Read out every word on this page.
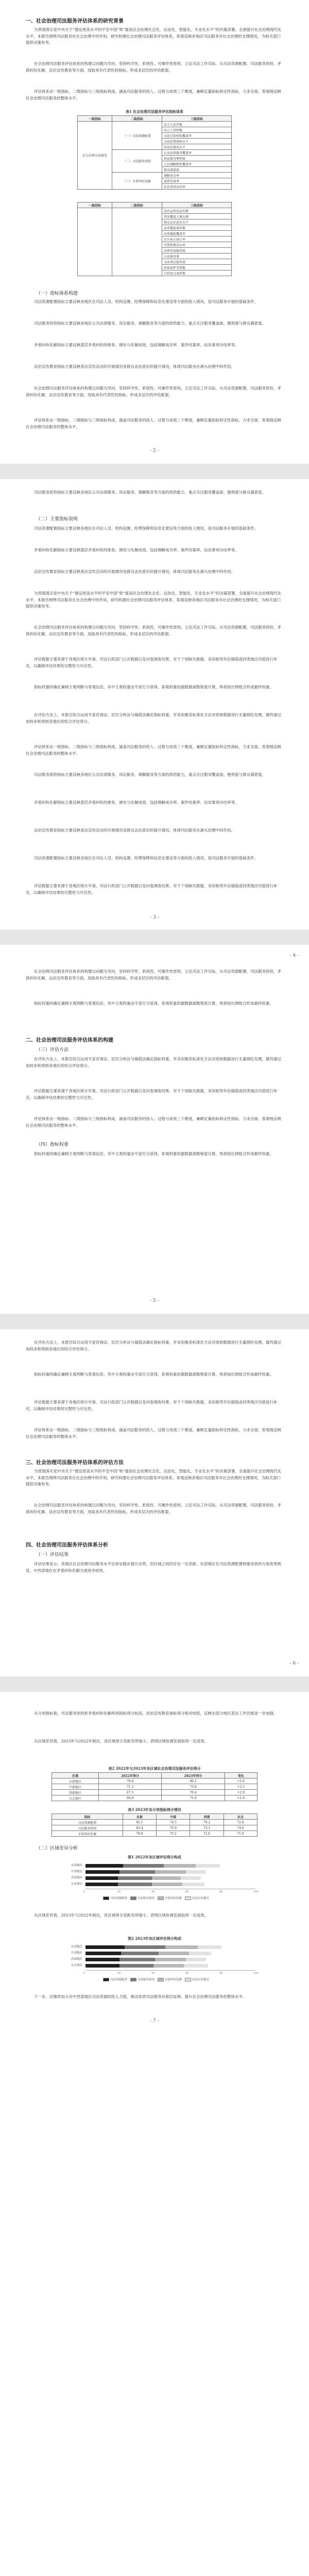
一、社会治理司法服务评估体系的研究背景
为贯彻落实党中央关于“建设更高水平的平安中国”和“提高社会治理社会化、法治化、智能化、专业化水平”的决策部署，全面提升社会治理现代化水平，本报告围绕司法服务在社会治理中的作用，研究构建社会治理司法服务评估体系，客观反映各地区司法服务对社会治理的支撑情况，为相关部门提供决策参考。
社会治理司法服务评估体系的构建以问题为导向，坚持科学性、系统性、可操作性原则，立足司法工作实际，从司法资源配置、司法服务供给、矛盾纠纷化解、法治宣传教育等方面，选取具有代表性的指标，形成多层次的评估框架。
评估体系由一级指标、二级指标与三级指标构成，涵盖司法服务的投入、过程与成效三个维度，兼顾定量指标和定性指标，力求全面、客观地反映社会治理司法服务的整体水平。
表1 社会治理司法服务评估指标体系
一级指标	二级指标	三级指标
社会治理司法服务	（一）司法资源配置	每万人法官数
		每万人律师数
		司法行政机构覆盖率
		司法经费保障水平
		信息化建设水平
	（二）司法服务供给	公共法律服务覆盖率
		诉讼服务便利度
		人民调解组织覆盖率
		群众满意度
	（三）矛盾纠纷化解	调解成功率
		案件结案率
		信访事项办结率
一级指标	二级指标	三级指标
		法治宣传活动次数
		普法覆盖人群比例
		群众法治意识水平
		法律援助案件数
		法律援助覆盖率
		社区矫正执行率
		安置帮教成功率
		法律咨询服务量
		公证服务量
		司法鉴定服务量
		仲裁案件受理数
		行政复议案件数
（一）指标体系构建
司法资源配置指标主要反映各地区在司法人员、机构设置、经费保障和信息化建设等方面的投入情况，是司法服务开展的基础条件。
司法服务供给指标主要反映各地区公共法律服务、诉讼服务、调解服务等方面的供给能力，重点关注服务覆盖面、便利度与群众满意度。
矛盾纠纷化解指标主要反映基层矛盾纠纷的排查、调处与化解成效，包括调解成功率、案件结案率、信访事项办结率等。
法治宣传教育指标主要反映普法宣传活动的开展情况及群众法治意识的提升情况，体现司法服务在源头治理中的作用。
社会治理司法服务评估体系的构建以问题为导向，坚持科学性、系统性、可操作性原则，立足司法工作实际，从司法资源配置、司法服务供给、矛盾纠纷化解、法治宣传教育等方面，选取具有代表性的指标，形成多层次的评估框架。
评估体系由一级指标、二级指标与三级指标构成，涵盖司法服务的投入、过程与成效三个维度，兼顾定量指标和定性指标，力求全面、客观地反映社会治理司法服务的整体水平。
- 2 -
司法服务供给指标主要反映各地区公共法律服务、诉讼服务、调解服务等方面的供给能力，重点关注服务覆盖面、便利度与群众满意度。
（二）主要指标说明
司法资源配置指标主要反映各地区在司法人员、机构设置、经费保障和信息化建设等方面的投入情况，是司法服务开展的基础条件。
矛盾纠纷化解指标主要反映基层矛盾纠纷的排查、调处与化解成效，包括调解成功率、案件结案率、信访事项办结率等。
法治宣传教育指标主要反映普法宣传活动的开展情况及群众法治意识的提升情况，体现司法服务在源头治理中的作用。
为贯彻落实党中央关于“建设更高水平的平安中国”和“提高社会治理社会化、法治化、智能化、专业化水平”的决策部署，全面提升社会治理现代化水平，本报告围绕司法服务在社会治理中的作用，研究构建社会治理司法服务评估体系，客观反映各地区司法服务对社会治理的支撑情况，为相关部门提供决策参考。
社会治理司法服务评估体系的构建以问题为导向，坚持科学性、系统性、可操作性原则，立足司法工作实际，从司法资源配置、司法服务供给、矛盾纠纷化解、法治宣传教育等方面，选取具有代表性的指标，形成多层次的评估框架。
评估数据主要来源于各地区统计年鉴、司法行政部门公开数据以及问卷调查结果。对于个别缺失数据，采用相邻年份插值或同类地区均值进行补充，以确保评估结果的完整性与可比性。
指标权重的确定兼顾主观判断与客观信息，其中主观权重由专家打分获得，客观权重依据数据离散程度计算，两者按比例组合形成最终权重。
在评估方法上，本报告综合运用专家咨询法、层次分析法与熵值法确定指标权重，并采用极差标准化方法对原始数据进行无量纲化处理，最终通过加权求和得到各地区的综合评估得分。
评估体系由一级指标、二级指标与三级指标构成，涵盖司法服务的投入、过程与成效三个维度，兼顾定量指标和定性指标，力求全面、客观地反映社会治理司法服务的整体水平。
司法服务供给指标主要反映各地区公共法律服务、诉讼服务、调解服务等方面的供给能力，重点关注服务覆盖面、便利度与群众满意度。
矛盾纠纷化解指标主要反映基层矛盾纠纷的排查、调处与化解成效，包括调解成功率、案件结案率、信访事项办结率等。
法治宣传教育指标主要反映普法宣传活动的开展情况及群众法治意识的提升情况，体现司法服务在源头治理中的作用。
司法资源配置指标主要反映各地区在司法人员、机构设置、经费保障和信息化建设等方面的投入情况，是司法服务开展的基础条件。
评估数据主要来源于各地区统计年鉴、司法行政部门公开数据以及问卷调查结果。对于个别缺失数据，采用相邻年份插值或同类地区均值进行补充，以确保评估结果的完整性与可比性。
- 3 -
- 4 -
社会治理司法服务评估体系的构建以问题为导向，坚持科学性、系统性、可操作性原则，立足司法工作实际，从司法资源配置、司法服务供给、矛盾纠纷化解、法治宣传教育等方面，选取具有代表性的指标，形成多层次的评估框架。
指标权重的确定兼顾主观判断与客观信息，其中主观权重由专家打分获得，客观权重依据数据离散程度计算，两者按比例组合形成最终权重。
二、社会治理司法服务评估体系的构建
（三）评估方法
在评估方法上，本报告综合运用专家咨询法、层次分析法与熵值法确定指标权重，并采用极差标准化方法对原始数据进行无量纲化处理，最终通过加权求和得到各地区的综合评估得分。
评估数据主要来源于各地区统计年鉴、司法行政部门公开数据以及问卷调查结果。对于个别缺失数据，采用相邻年份插值或同类地区均值进行补充，以确保评估结果的完整性与可比性。
评估体系由一级指标、二级指标与三级指标构成，涵盖司法服务的投入、过程与成效三个维度，兼顾定量指标和定性指标，力求全面、客观地反映社会治理司法服务的整体水平。
（四）指标权重
指标权重的确定兼顾主观判断与客观信息，其中主观权重由专家打分获得，客观权重依据数据离散程度计算，两者按比例组合形成最终权重。
- 5 -
在评估方法上，本报告综合运用专家咨询法、层次分析法与熵值法确定指标权重，并采用极差标准化方法对原始数据进行无量纲化处理，最终通过加权求和得到各地区的综合评估得分。
指标权重的确定兼顾主观判断与客观信息，其中主观权重由专家打分获得，客观权重依据数据离散程度计算，两者按比例组合形成最终权重。
评估数据主要来源于各地区统计年鉴、司法行政部门公开数据以及问卷调查结果。对于个别缺失数据，采用相邻年份插值或同类地区均值进行补充，以确保评估结果的完整性与可比性。
评估体系由一级指标、二级指标与三级指标构成，涵盖司法服务的投入、过程与成效三个维度，兼顾定量指标和定性指标，力求全面、客观地反映社会治理司法服务的整体水平。
三、社会治理司法服务评估体系的评估方法
为贯彻落实党中央关于“建设更高水平的平安中国”和“提高社会治理社会化、法治化、智能化、专业化水平”的决策部署，全面提升社会治理现代化水平，本报告围绕司法服务在社会治理中的作用，研究构建社会治理司法服务评估体系，客观反映各地区司法服务对社会治理的支撑情况，为相关部门提供决策参考。
社会治理司法服务评估体系的构建以问题为导向，坚持科学性、系统性、可操作性原则，立足司法工作实际，从司法资源配置、司法服务供给、矛盾纠纷化解、法治宣传教育等方面，选取具有代表性的指标，形成多层次的评估框架。
四、社会治理司法服务评估体系分析
（一）评估结果
评估结果显示，各地区社会治理司法服务水平总体呈稳步提升态势，但区域之间仍存在一定差距。东部地区在司法资源配置和服务供给方面优势明显，中西部地区在矛盾纠纷化解方面进步较快。
- 6 -
从分项指标看，司法服务供给和矛盾纠纷化解两项指标得分较高，法治宣传教育指标得分相对较低，反映出部分地区普法工作仍需进一步加强。
从区域差异看，2023年与2022年相比，各区域得分差距有所缩小，表明区域协调发展取得一定成效。
表2 2022年与2023年各区域社会治理司法服务评估得分
区域	2022年得分	2023年得分	变化
东部地区	78.6	80.2	+1.6
中部地区	71.3	73.8	+2.5
西部地区	67.5	70.4	+2.9
东北地区	69.8	71.6	+1.8
表3 2023年各分项指标得分情况
指标	东部	中部	西部	东北
司法资源配置	82.1	74.5	70.2	72.8
司法服务供给	83.4	76.9	73.1	74.0
矛盾纠纷化解	79.8	75.2	72.6	71.9
（二）区域差异分析
图1 2022年各区域评估得分构成
东部地区
中部地区
西部地区
东北地区
0	20	40	60	80	100
司法资源配置	司法服务供给	矛盾纠纷化解	法治宣传教育
从区域差异看，2023年与2022年相比，各区域得分差距有所缩小，表明区域协调发展取得一定成效。
图2 2023年各区域评估得分构成
东部地区
中部地区
西部地区
东北地区
0	20	40	60	80	100
司法资源配置	司法服务供给	矛盾纠纷化解	法治宣传教育
下一步，应继续加大对中西部地区司法资源的投入力度，推动优质司法服务向基层延伸，提升社会治理司法服务的整体水平。
- 7 -
